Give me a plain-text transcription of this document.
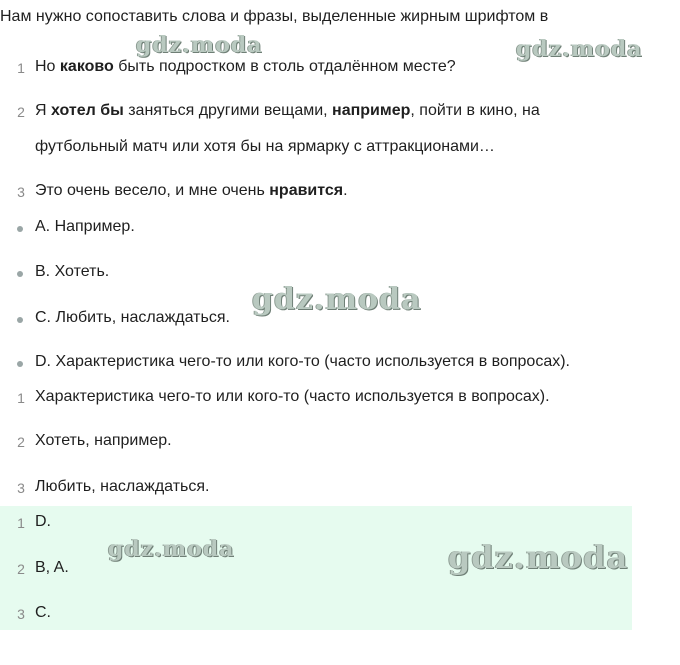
Нам нужно сопоставить слова и фразы, выделенные жирным шрифтом в
1 Но каково быть подростком в столь отдалённом месте?
2 Я хотел бы заняться другими вещами, например, пойти в кино, на
футбольный матч или хотя бы на ярмарку с аттракционами…
3 Это очень весело, и мне очень нравится.
A. Например.
B. Хотеть.
C. Любить, наслаждаться.
D. Характеристика чего-то или кого-то (часто используется в вопросах).
1 Характеристика чего-то или кого-то (часто используется в вопросах).
2 Хотеть, например.
3 Любить, наслаждаться.
1 D.
2 B, A.
3 C.
gdz.moda	gdz.moda
gdz.moda
gdz.moda	gdz.moda
